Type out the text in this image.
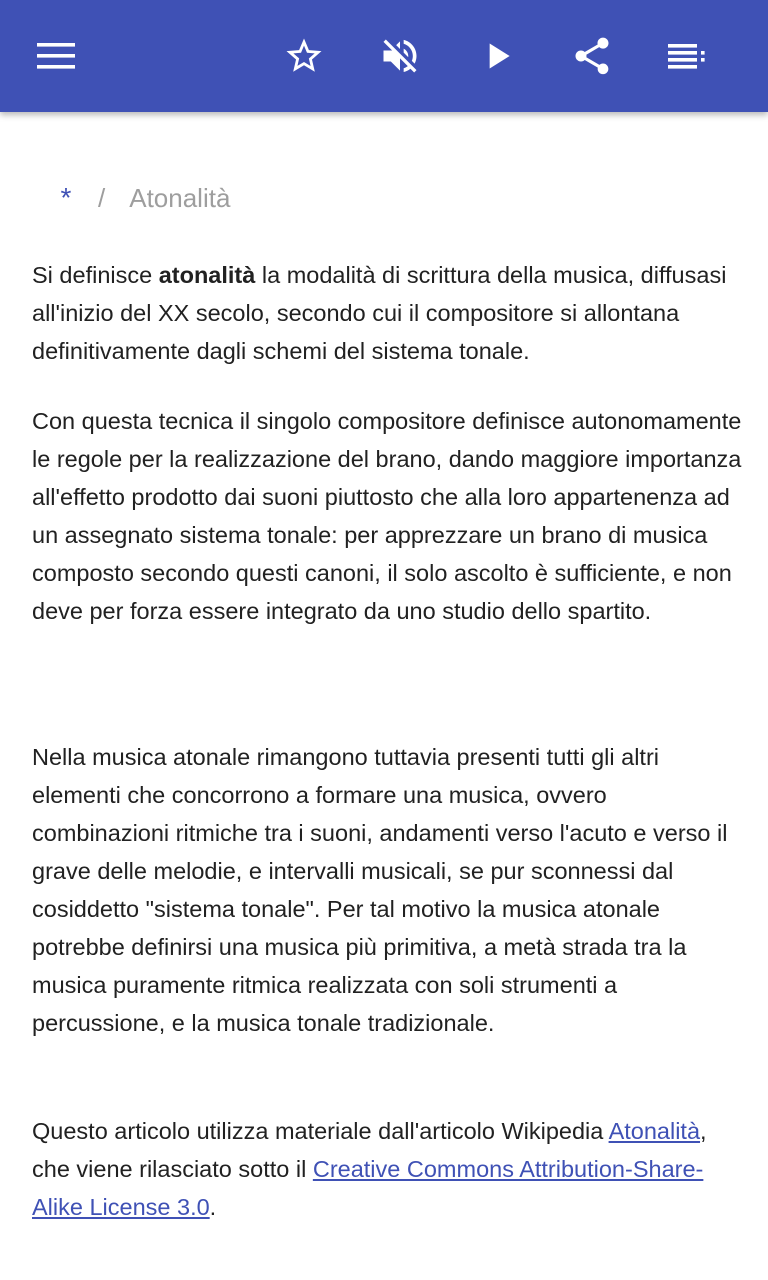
* / Atonalità

Si definisce atonalità la modalità di scrittura della musica, diffusasi all'inizio del XX secolo, secondo cui il compositore si allontana definitivamente dagli schemi del sistema tonale.

Con questa tecnica il singolo compositore definisce autonomamente le regole per la realizzazione del brano, dando maggiore importanza all'effetto prodotto dai suoni piuttosto che alla loro appartenenza ad un assegnato sistema tonale: per apprezzare un brano di musica composto secondo questi canoni, il solo ascolto è sufficiente, e non deve per forza essere integrato da uno studio dello spartito.

Nella musica atonale rimangono tuttavia presenti tutti gli altri elementi che concorrono a formare una musica, ovvero combinazioni ritmiche tra i suoni, andamenti verso l'acuto e verso il grave delle melodie, e intervalli musicali, se pur sconnessi dal cosiddetto "sistema tonale". Per tal motivo la musica atonale potrebbe definirsi una musica più primitiva, a metà strada tra la musica puramente ritmica realizzata con soli strumenti a percussione, e la musica tonale tradizionale.

Questo articolo utilizza materiale dall'articolo Wikipedia Atonalità, che viene rilasciato sotto il Creative Commons Attribution-Share-Alike License 3.0.
